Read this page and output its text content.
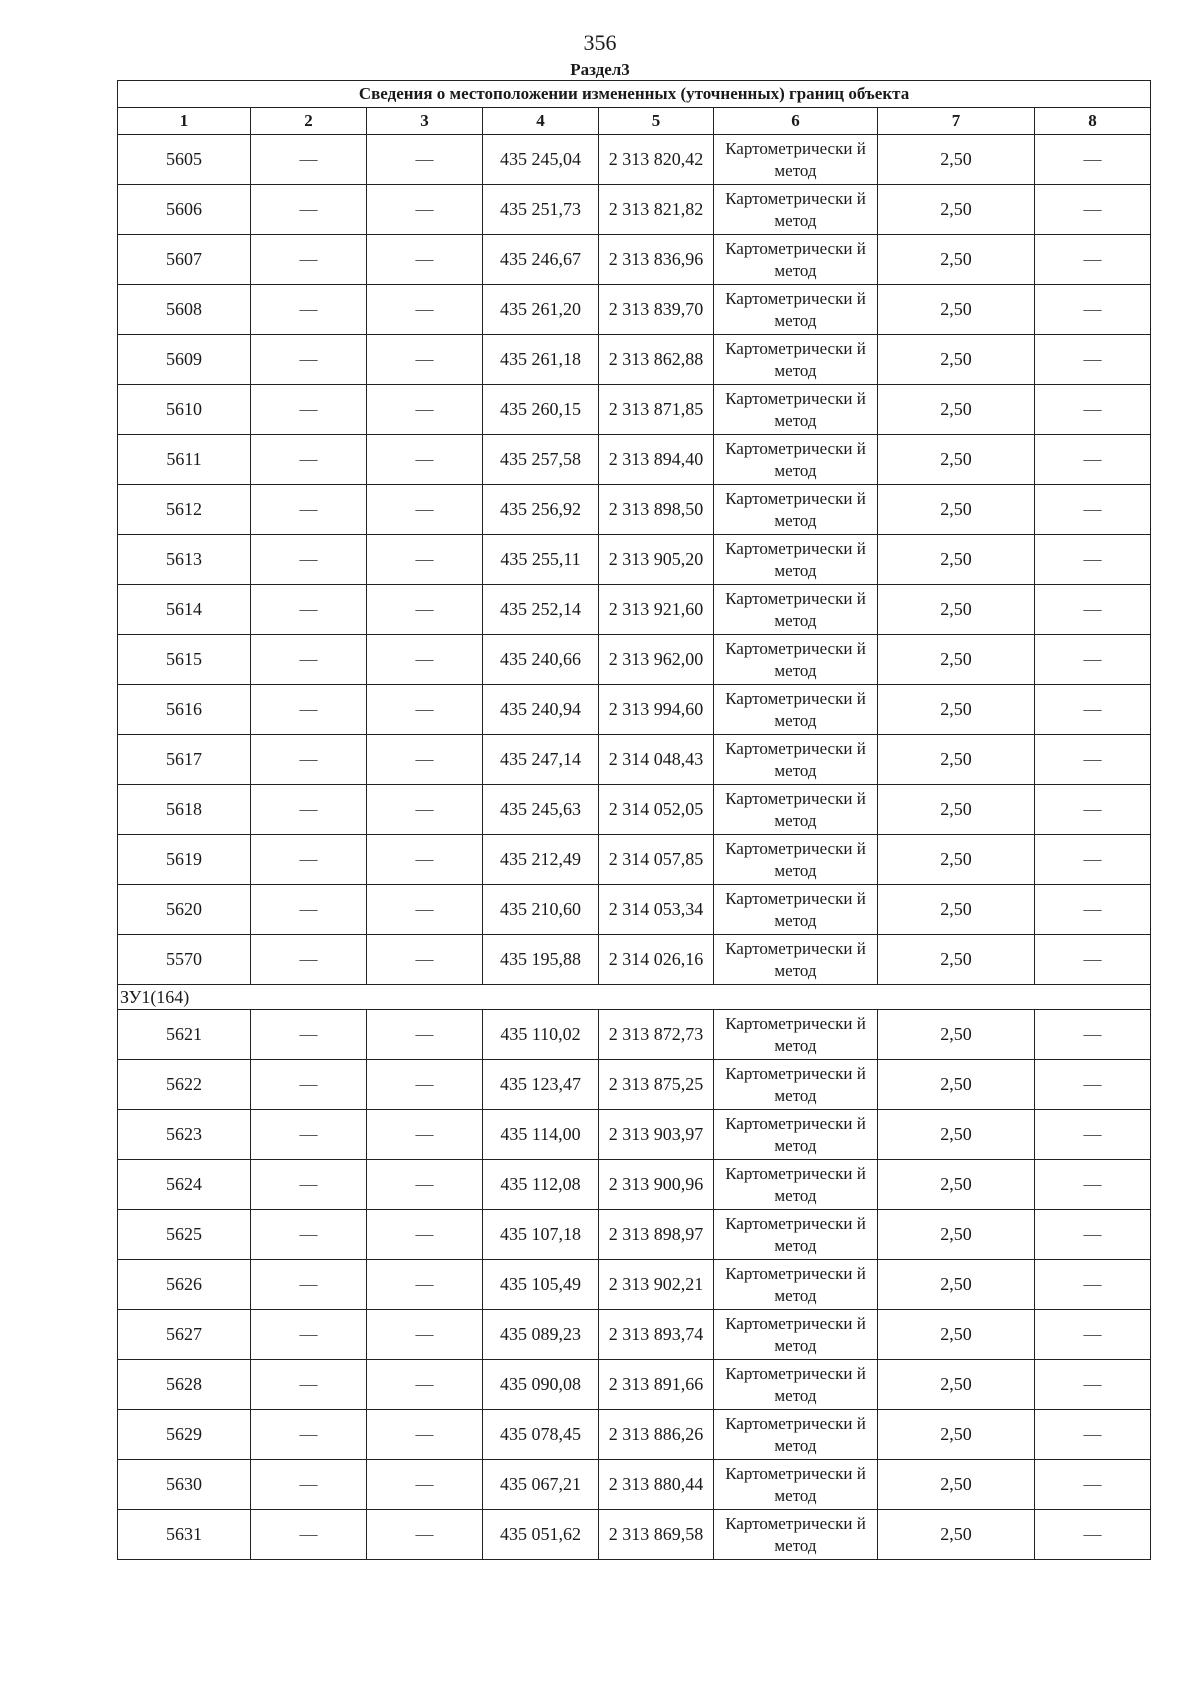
356
Раздел3
Сведения о местоположении измененных (уточненных) границ объекта							
1	2	3	4	5	6	7	8
5605	—	—	435 245,04	2 313 820,42	Картометрически й метод	2,50	—
5606	—	—	435 251,73	2 313 821,82	Картометрически й метод	2,50	—
5607	—	—	435 246,67	2 313 836,96	Картометрически й метод	2,50	—
5608	—	—	435 261,20	2 313 839,70	Картометрически й метод	2,50	—
5609	—	—	435 261,18	2 313 862,88	Картометрически й метод	2,50	—
5610	—	—	435 260,15	2 313 871,85	Картометрически й метод	2,50	—
5611	—	—	435 257,58	2 313 894,40	Картометрически й метод	2,50	—
5612	—	—	435 256,92	2 313 898,50	Картометрически й метод	2,50	—
5613	—	—	435 255,11	2 313 905,20	Картометрически й метод	2,50	—
5614	—	—	435 252,14	2 313 921,60	Картометрически й метод	2,50	—
5615	—	—	435 240,66	2 313 962,00	Картометрически й метод	2,50	—
5616	—	—	435 240,94	2 313 994,60	Картометрически й метод	2,50	—
5617	—	—	435 247,14	2 314 048,43	Картометрически й метод	2,50	—
5618	—	—	435 245,63	2 314 052,05	Картометрически й метод	2,50	—
5619	—	—	435 212,49	2 314 057,85	Картометрически й метод	2,50	—
5620	—	—	435 210,60	2 314 053,34	Картометрически й метод	2,50	—
5570	—	—	435 195,88	2 314 026,16	Картометрически й метод	2,50	—
ЗУ1(164)							
5621	—	—	435 110,02	2 313 872,73	Картометрически й метод	2,50	—
5622	—	—	435 123,47	2 313 875,25	Картометрически й метод	2,50	—
5623	—	—	435 114,00	2 313 903,97	Картометрически й метод	2,50	—
5624	—	—	435 112,08	2 313 900,96	Картометрически й метод	2,50	—
5625	—	—	435 107,18	2 313 898,97	Картометрически й метод	2,50	—
5626	—	—	435 105,49	2 313 902,21	Картометрически й метод	2,50	—
5627	—	—	435 089,23	2 313 893,74	Картометрически й метод	2,50	—
5628	—	—	435 090,08	2 313 891,66	Картометрически й метод	2,50	—
5629	—	—	435 078,45	2 313 886,26	Картометрически й метод	2,50	—
5630	—	—	435 067,21	2 313 880,44	Картометрически й метод	2,50	—
5631	—	—	435 051,62	2 313 869,58	Картометрически й метод	2,50	—
